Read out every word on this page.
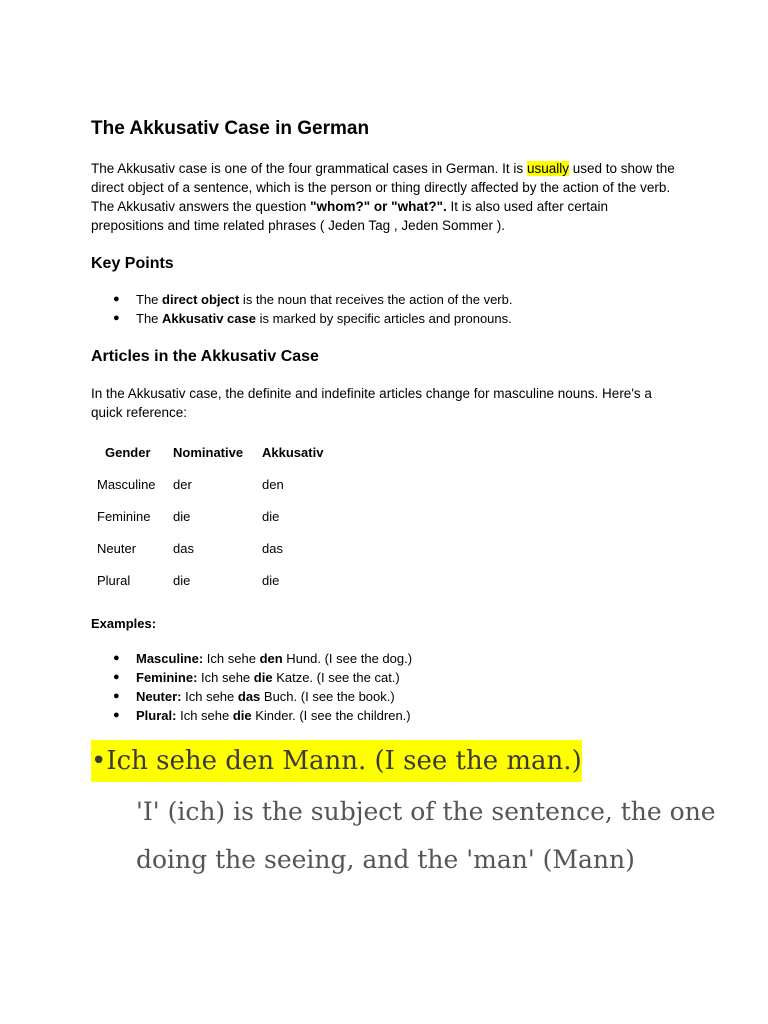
The Akkusativ Case in German

The Akkusativ case is one of the four grammatical cases in German. It is usually used to show the direct object of a sentence, which is the person or thing directly affected by the action of the verb. The Akkusativ answers the question "whom?" or "what?". It is also used after certain prepositions and time related phrases ( Jeden Tag , Jeden Sommer ).

Key Points
● The direct object is the noun that receives the action of the verb.
● The Akkusativ case is marked by specific articles and pronouns.
Articles in the Akkusativ Case

In the Akkusativ case, the definite and indefinite articles change for masculine nouns. Here's a quick reference:

Gender	Nominative	Akkusativ
Masculine	der	den
Feminine	die	die
Neuter	das	das
Plural	die	die

Examples:

● Masculine: Ich sehe den Hund. (I see the dog.)
● Feminine: Ich sehe die Katze. (I see the cat.)
● Neuter: Ich sehe das Buch. (I see the book.)
● Plural: Ich sehe die Kinder. (I see the children.)

•Ich sehe den Mann. (I see the man.)

'I' (ich) is the subject of the sentence, the one doing the seeing, and the 'man' (Mann)
